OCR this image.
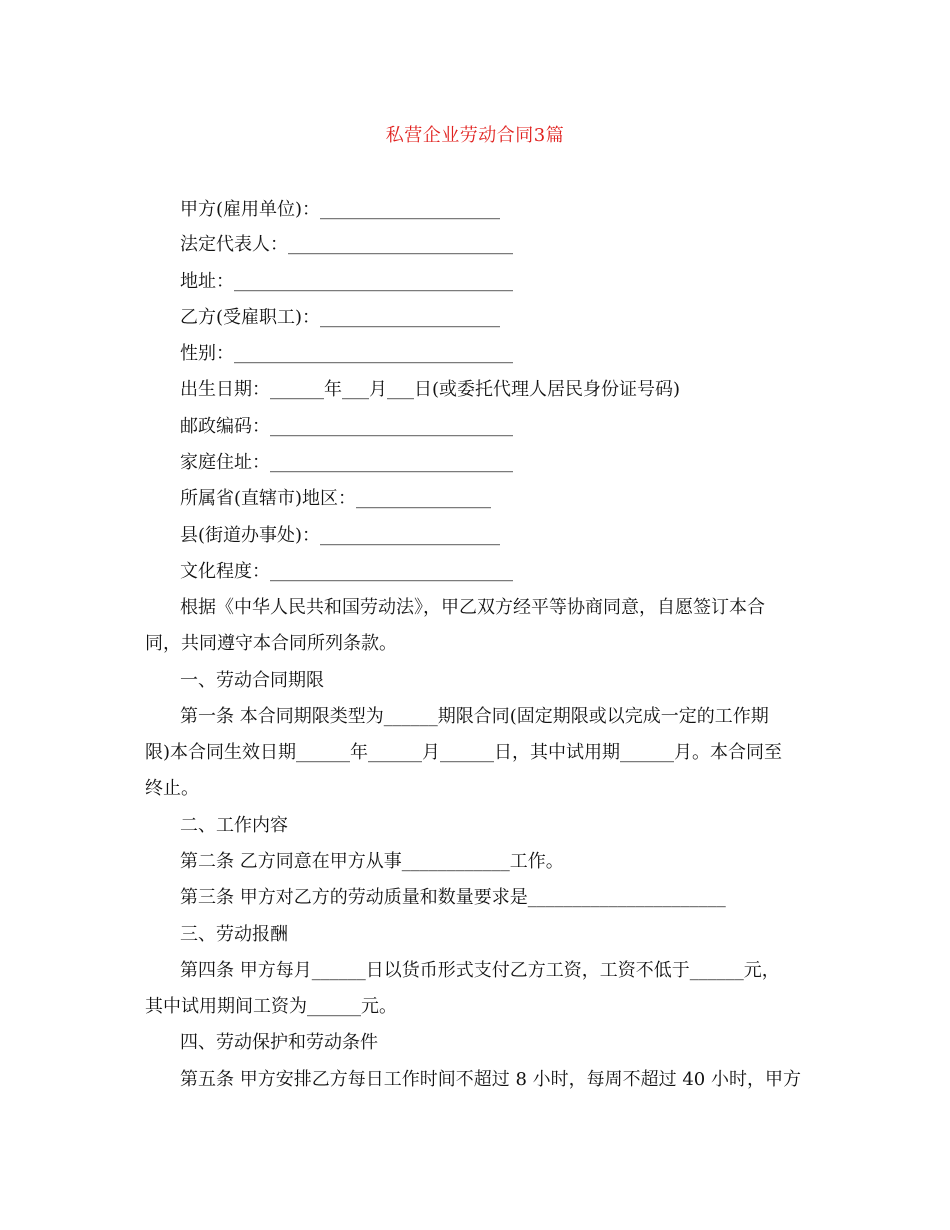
私营企业劳动合同3篇
甲方(雇用单位)：____________________
法定代表人：_________________________
地址：_______________________________
乙方(受雇职工)：____________________
性别：_______________________________
出生日期：______年___月___日(或委托代理人居民身份证号码)
邮政编码：___________________________
家庭住址：___________________________
所属省(直辖市)地区：_______________
县(街道办事处)：____________________
文化程度：___________________________
根据《中华人民共和国劳动法》，甲乙双方经平等协商同意，自愿签订本合
同，共同遵守本合同所列条款。
一、劳动合同期限
第一条 本合同期限类型为______期限合同(固定期限或以完成一定的工作期
限)本合同生效日期______年______月______日，其中试用期______月。本合同至
终止。
二、工作内容
第二条 乙方同意在甲方从事____________工作。
第三条 甲方对乙方的劳动质量和数量要求是______________________
三、劳动报酬
第四条 甲方每月______日以货币形式支付乙方工资，工资不低于______元，
其中试用期间工资为______元。
四、劳动保护和劳动条件
第五条 甲方安排乙方每日工作时间不超过 8 小时，每周不超过 40 小时，甲方
